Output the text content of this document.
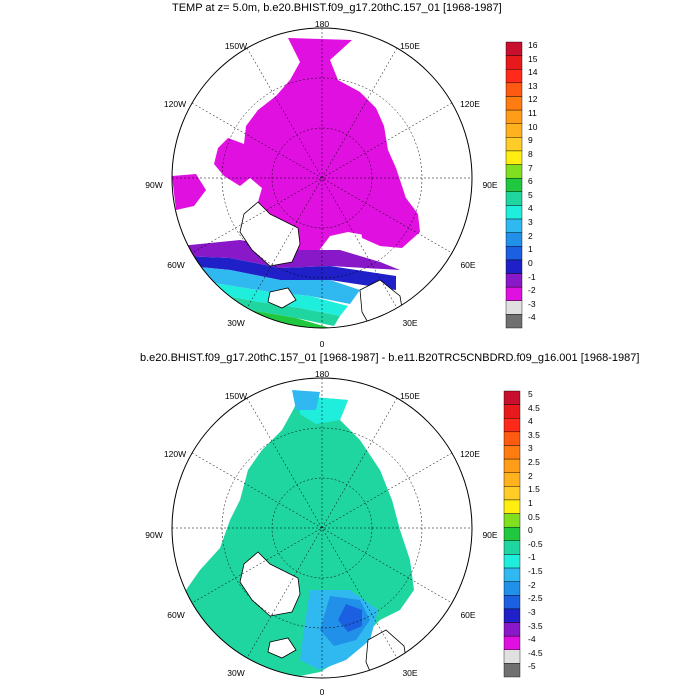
TEMP at z= 5.0m, b.e20.BHIST.f09_g17.20thC.157_01 [1968-1987]
b.e20.BHIST.f09_g17.20thC.157_01 [1968-1987] - b.e11.B20TRC5CNBDRD.f09_g16.001 [1968-1987]
180
150W	150E
120W	120E
90W	90E
60W	60E
30W	30E
0
180
150W	150E
120W	120E
90W	90E
60W	60E
30W	30E
0
16
15
14
13
12
11
10
9
8
7
6
5
4
3
2
1
0
-1
-2
-3
-4
5
4.5
4
3.5
3
2.5
2
1.5
1
0.5
0
-0.5
-1
-1.5
-2
-2.5
-3
-3.5
-4
-4.5
-5
